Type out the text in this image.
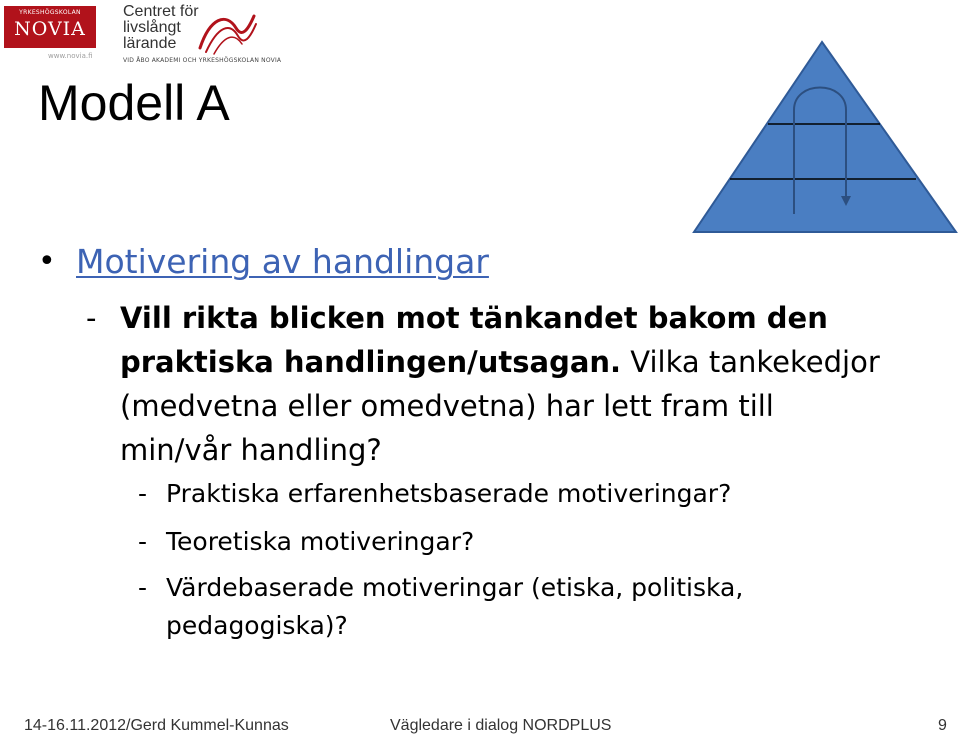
YRKESHÖGSKOLAN
NOVIA
www.novia.fi
Centret för
livslångt
lärande
VID ÅBO AKADEMI OCH YRKESHÖGSKOLAN NOVIA
Modell A
• Motivering av handlingar
- Vill rikta blicken mot tänkandet bakom den
praktiska handlingen/utsagan. Vilka tankekedjor
(medvetna eller omedvetna) har lett fram till
min/vår handling?
- Praktiska erfarenhetsbaserade motiveringar?
- Teoretiska motiveringar?
- Värdebaserade motiveringar (etiska, politiska,
pedagogiska)?
14-16.11.2012/Gerd Kummel-Kunnas	Vägledare i dialog NORDPLUS	9
